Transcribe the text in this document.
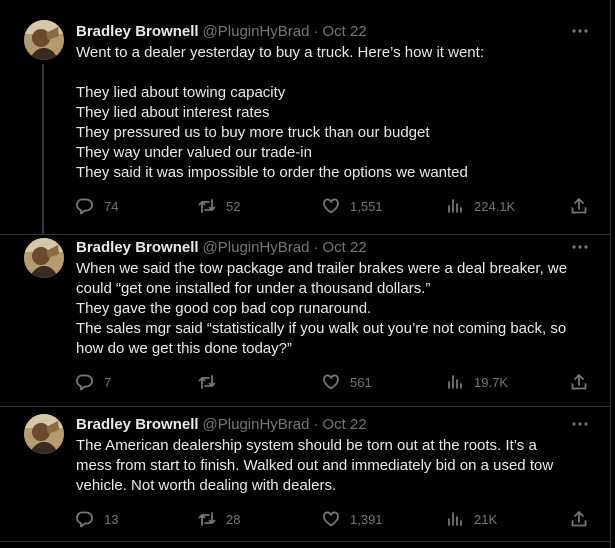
Bradley Brownell @PluginHyBrad · Oct 22

Went to a dealer yesterday to buy a truck. Here’s how it went:

They lied about towing capacity

They lied about interest rates

They pressured us to buy more truck than our budget

They way under valued our trade-in

They said it was impossible to order the options we wanted

74	52	1,551	224.1K
Bradley Brownell @PluginHyBrad · Oct 22

When we said the tow package and trailer brakes were a deal breaker, we

could “get one installed for under a thousand dollars.”

They gave the good cop bad cop runaround.

The sales mgr said “statistically if you walk out you’re not coming back, so

how do we get this done today?”

7	561	19.7K
Bradley Brownell @PluginHyBrad · Oct 22

The American dealership system should be torn out at the roots. It’s a

mess from start to finish. Walked out and immediately bid on a used tow

vehicle. Not worth dealing with dealers.

13	28	1,391	21K
